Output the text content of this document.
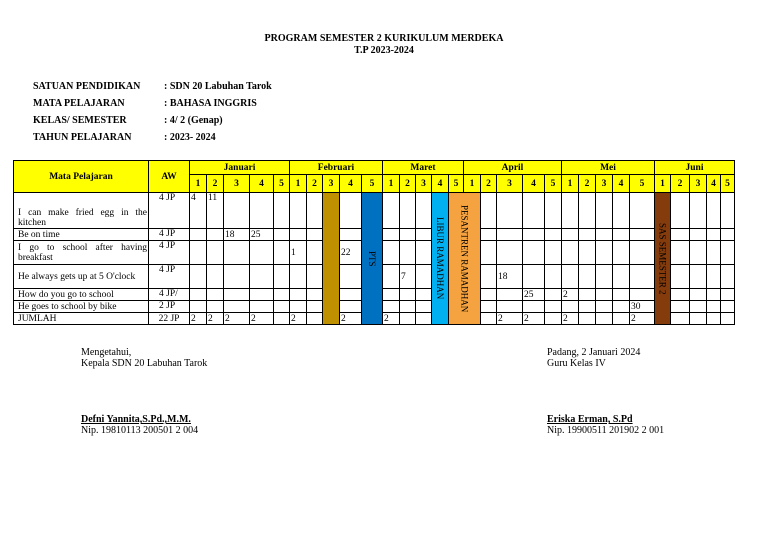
PROGRAM SEMESTER 2 KURIKULUM MERDEKA
T.P 2023-2024
SATUAN PENDIDIKAN	: SDN 20 Labuhan Tarok
MATA PELAJARAN	: BAHASA INGGRIS
KELAS/ SEMESTER	: 4/ 2 (Genap)
TAHUN PELAJARAN	: 2023- 2024
Mata Pelajaran	AW	Januari					Februari					Maret					April					Mei					Juni				
		1	2	3	4	5	1	2	3	4	5	1	2	3	4	5	1	2	3	4	5	1	2	3	4	5	1	2	3	4	5
I can make fried egg in the kitchen	4 JP	4	11								PTS				LIBUR RAMADHAN	PESANTREN RAMADHAN											SAS SEMESTER 2				

Be on time	4 JP			18	25																										
I go to school after having breakfast	4 JP						1			22																					
He always gets up at 5 O'clock	4 JP												7						18												
How do you go to school	4 JP/																			25		2									
He goes to school by bike	2 JP																									30					
JUMLAH	22 JP	2	2	2	2		2			2		2							2	2		2				2					
Mengetahui,
Kepala SDN 20 Labuhan Tarok
Defni Yannita,S.Pd.,M.M.
Nip. 19810113 200501 2 004
Padang, 2 Januari 2024
Guru Kelas IV
Eriska Erman, S.Pd
Nip. 19900511 201902 2 001
